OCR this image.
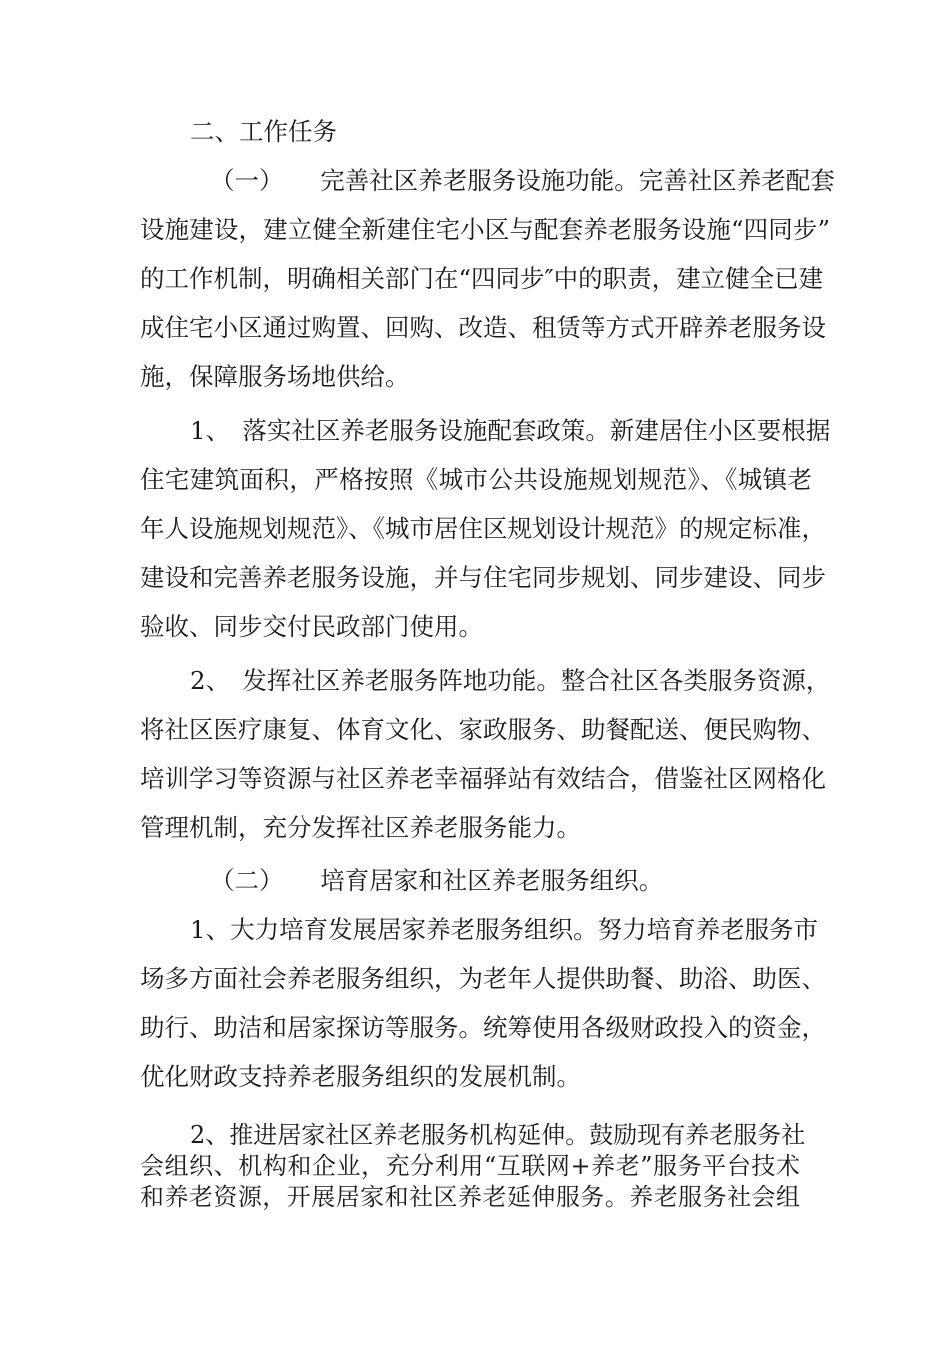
二、工作任务

（一）　　完善社区养老服务设施功能。完善社区养老配套

设施建设，建立健全新建住宅小区与配套养老服务设施“四同步”

的工作机制，明确相关部门在“四同步″中的职责，建立健全已建

成住宅小区通过购置、回购、改造、租赁等方式开辟养老服务设

施，保障服务场地供给。

1、　落实社区养老服务设施配套政策。新建居住小区要根据

住宅建筑面积，严格按照《城市公共设施规划规范》、《城镇老

年人设施规划规范》、《城市居住区规划设计规范》的规定标准，

建设和完善养老服务设施，并与住宅同步规划、同步建设、同步

验收、同步交付民政部门使用。

2、　发挥社区养老服务阵地功能。整合社区各类服务资源，

将社区医疗康复、体育文化、家政服务、助餐配送、便民购物、

培训学习等资源与社区养老幸福驿站有效结合，借鉴社区网格化

管理机制，充分发挥社区养老服务能力。

（二）　　培育居家和社区养老服务组织。

1、大力培育发展居家养老服务组织。努力培育养老服务市

场多方面社会养老服务组织，为老年人提供助餐、助浴、助医、

助行、助洁和居家探访等服务。统筹使用各级财政投入的资金，

优化财政支持养老服务组织的发展机制。

2、推进居家社区养老服务机构延伸。鼓励现有养老服务社

会组织、机构和企业，充分利用“互联网+养老”服务平台技术

和养老资源，开展居家和社区养老延伸服务。养老服务社会组
